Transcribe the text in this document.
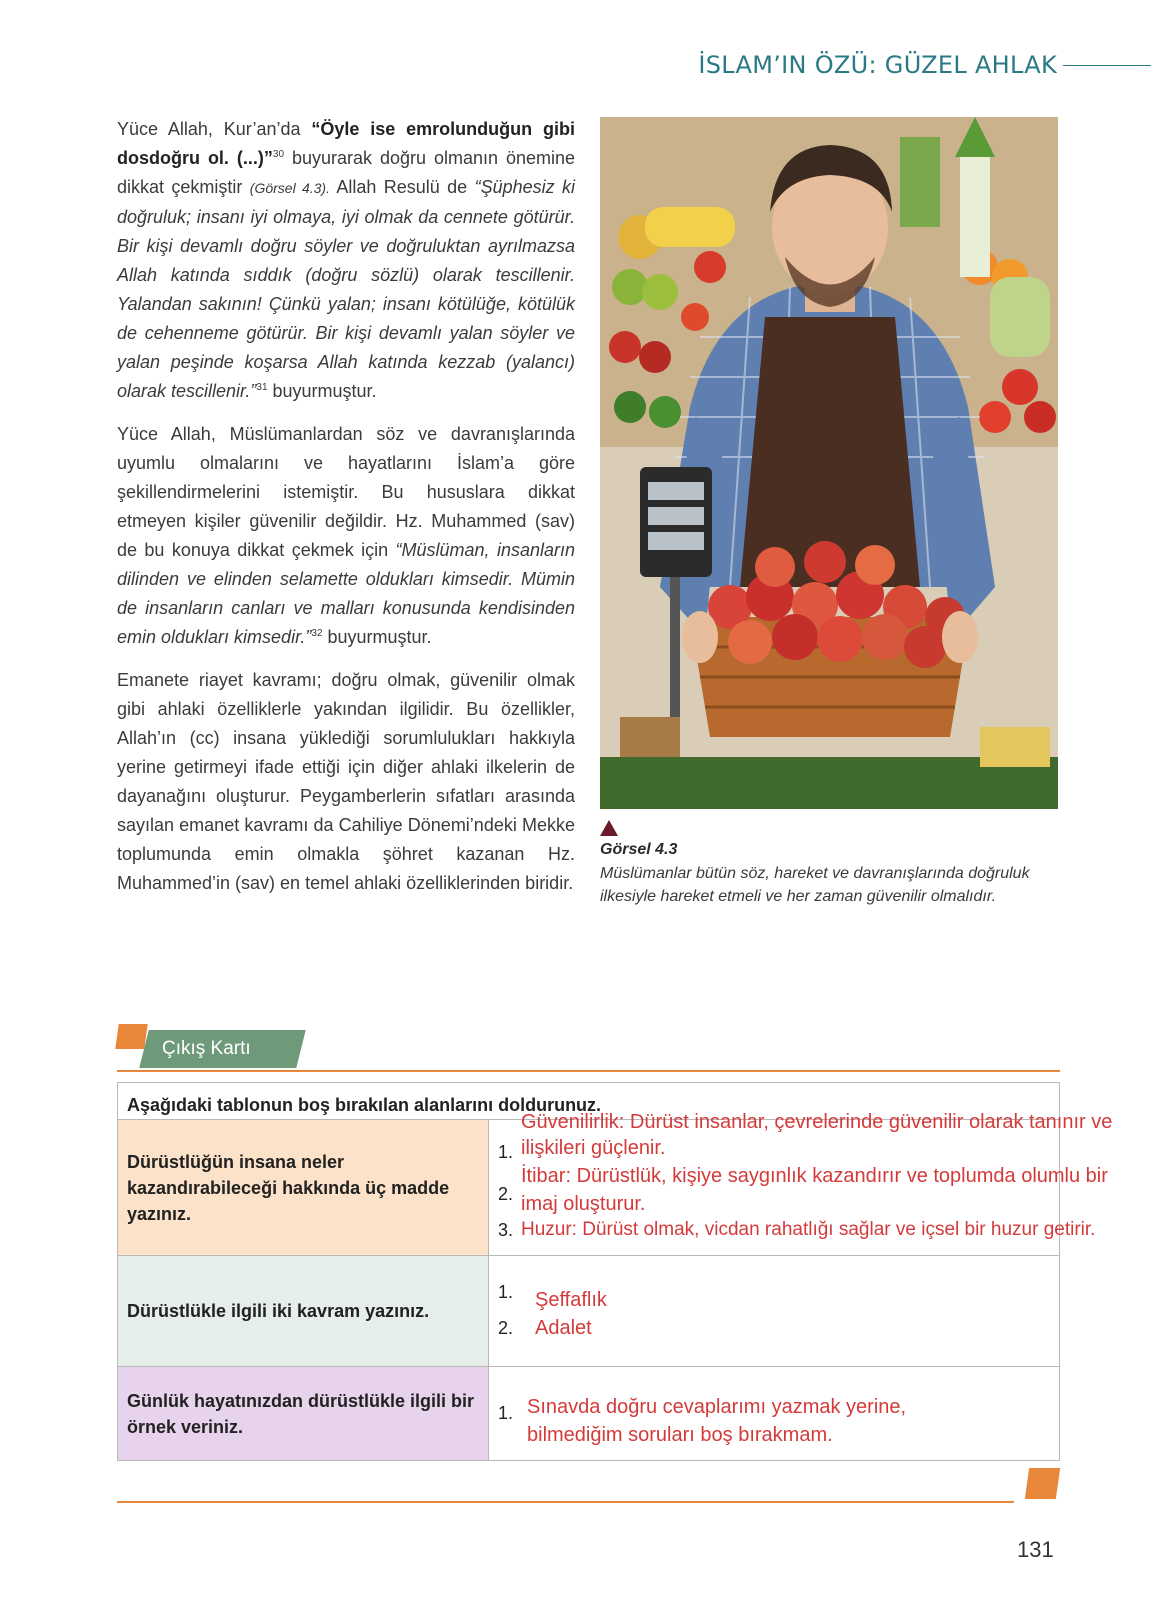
İSLAM’IN ÖZÜ: GÜZEL AHLAK

Yüce Allah, Kur’an’da “Öyle ise emrolunduğun gibi dosdoğru ol. (...)”$^{30}$ buyurarak doğru olmanın önemine dikkat çekmiştir (Görsel 4.3). Allah Resulü de “Şüphesiz ki doğruluk; insanı iyi olmaya, iyi olmak da cennete götürür. Bir kişi devamlı doğru söyler ve doğruluktan ayrılmazsa Allah katında sıddık (doğru sözlü) olarak tescillenir. Yalandan sakının! Çünkü yalan; insanı kötülüğe, kötülük de cehenneme götürür. Bir kişi devamlı yalan söyler ve yalan peşinde koşarsa Allah katında kezzab (yalancı) olarak tescillenir.”$^{31}$ buyurmuştur.

Yüce Allah, Müslümanlardan söz ve davranışlarında uyumlu olmalarını ve hayatlarını İslam’a göre şekillendirmelerini istemiştir. Bu hususlara dikkat etmeyen kişiler güvenilir değildir. Hz. Muhammed (sav) de bu konuya dikkat çekmek için “Müslüman, insanların dilinden ve elinden selamette oldukları kimsedir. Mümin de insanların canları ve malları konusunda kendisinden emin oldukları kimsedir.”$^{32}$ buyurmuştur.

Emanete riayet kavramı; doğru olmak, güvenilir olmak gibi ahlaki özelliklerle yakından ilgilidir. Bu özellikler, Allah’ın (cc) insana yüklediği sorumlulukları hakkıyla yerine getirmeyi ifade ettiği için diğer ahlaki ilkelerin de dayanağını oluşturur. Peygamberlerin sıfatları arasında sayılan emanet kavramı da Cahiliye Dönemi’ndeki Mekke toplumunda emin olmakla şöhret kazanan Hz. Muhammed’in (sav) en temel ahlaki özelliklerinden biridir.

Görsel 4.3
Müslümanlar bütün söz, hareket ve davranışlarında doğruluk ilkesiyle hareket etmeli ve her zaman güvenilir olmalıdır.
Çıkış Kartı
Aşağıdaki tablonun boş bırakılan alanlarını doldurunuz.
Dürüstlüğün insana neler kazandırabileceği hakkında üç madde yazınız.
1.
2.
3.
Güvenilirlik: Dürüst insanlar, çevrelerinde güvenilir olarak tanınır ve
ilişkileri güçlenir.
İtibar: Dürüstlük, kişiye saygınlık kazandırır ve toplumda olumlu bir
imaj oluşturur.
Huzur: Dürüst olmak, vicdan rahatlığı sağlar ve içsel bir huzur getirir.
Dürüstlükle ilgili iki kavram yazınız.
1.
2.
Şeffaflık
Adalet
Günlük hayatınızdan dürüstlükle ilgili bir örnek veriniz.
1. Sınavda doğru cevaplarımı yazmak yerine,
bilmediğim soruları boş bırakmam.
131
